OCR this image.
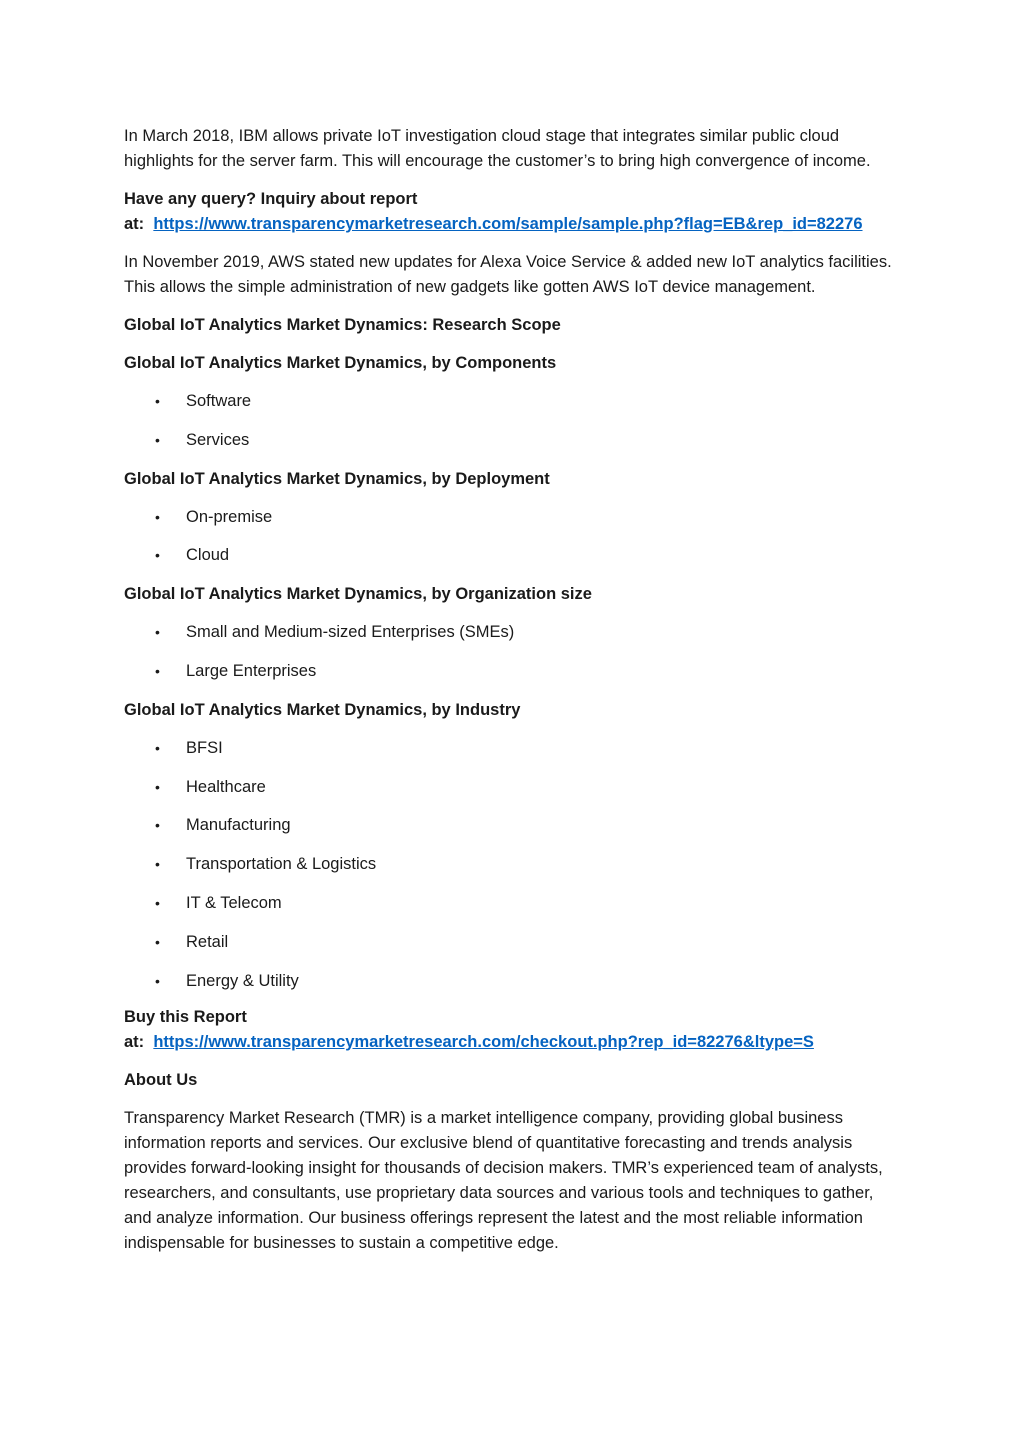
In March 2018, IBM allows private IoT investigation cloud stage that integrates similar public cloud highlights for the server farm. This will encourage the customer’s to bring high convergence of income.

Have any query? Inquiry about report

at: https://www.transparencymarketresearch.com/sample/sample.php?flag=EB&rep_id=82276

In November 2019, AWS stated new updates for Alexa Voice Service & added new IoT analytics facilities. This allows the simple administration of new gadgets like gotten AWS IoT device management.

Global IoT Analytics Market Dynamics: Research Scope

Global IoT Analytics Market Dynamics, by Components

• Software
• Services

Global IoT Analytics Market Dynamics, by Deployment

• On-premise
• Cloud

Global IoT Analytics Market Dynamics, by Organization size

• Small and Medium-sized Enterprises (SMEs)
• Large Enterprises

Global IoT Analytics Market Dynamics, by Industry

• BFSI
• Healthcare
• Manufacturing
• Transportation & Logistics
• IT & Telecom
• Retail
• Energy & Utility

Buy this Report

at: https://www.transparencymarketresearch.com/checkout.php?rep_id=82276&ltype=S

About Us

Transparency Market Research (TMR) is a market intelligence company, providing global business information reports and services. Our exclusive blend of quantitative forecasting and trends analysis provides forward-looking insight for thousands of decision makers. TMR’s experienced team of analysts, researchers, and consultants, use proprietary data sources and various tools and techniques to gather, and analyze information. Our business offerings represent the latest and the most reliable information indispensable for businesses to sustain a competitive edge.
